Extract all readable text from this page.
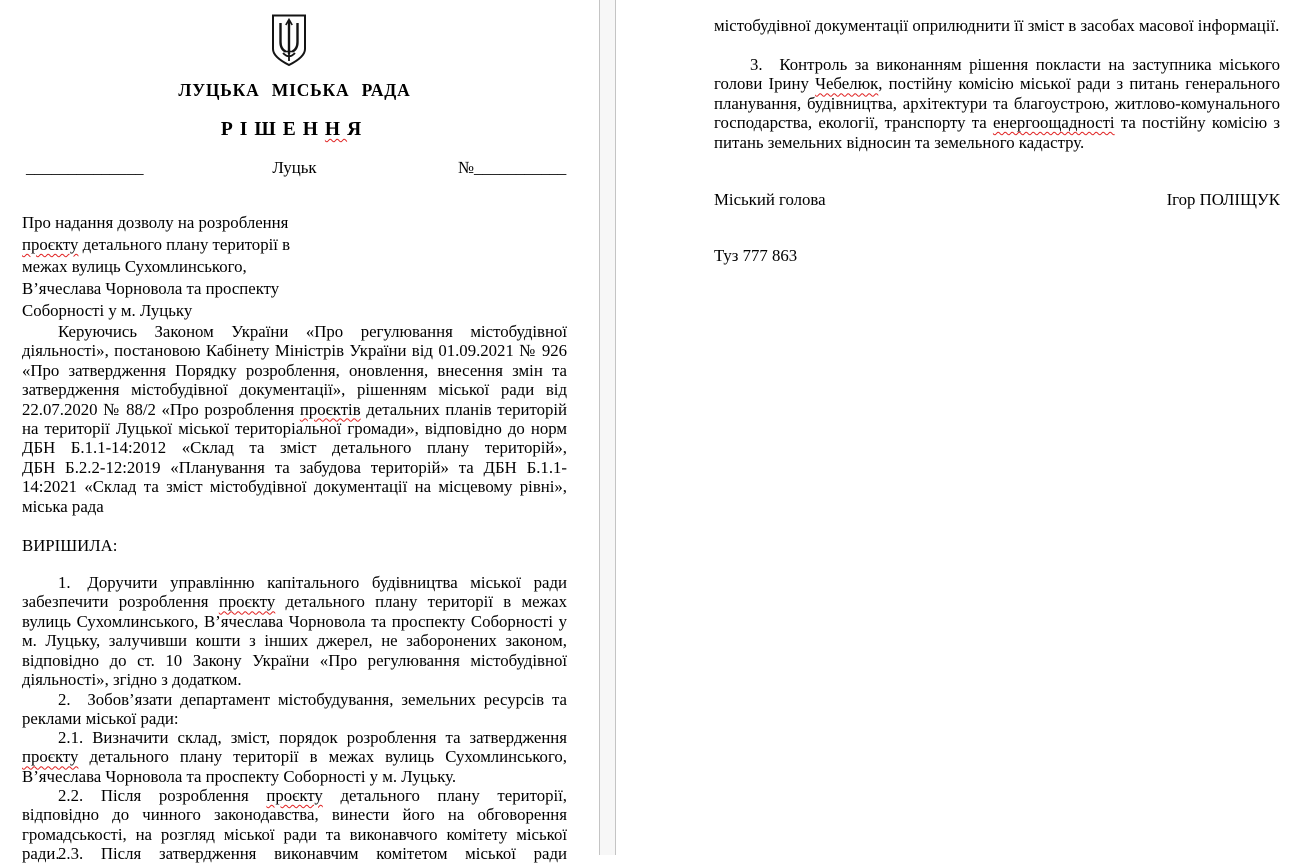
ЛУЦЬКА МІСЬКА РАДА
РІШЕННЯ
______________	Луцьк	№___________
Про надання дозволу на розроблення
проєкту детального плану території в
межах вулиць Сухомлинського,
В’ячеслава Чорновола та проспекту
Соборності у м. Луцьку

Керуючись Законом України «Про регулювання містобудівної діяльності», постановою Кабінету Міністрів України від 01.09.2021 № 926 «Про затвердження Порядку розроблення, оновлення, внесення змін та затвердження містобудівної документації», рішенням міської ради від 22.07.2020 № 88/2 «Про розроблення проєктів детальних планів територій на території Луцької міської територіальної громади», відповідно до норм ДБН Б.1.1-14:2012 «Склад та зміст детального плану територій», ДБН Б.2.2-12:2019 «Планування та забудова територій» та ДБН Б.1.1-14:2021 «Склад та зміст містобудівної документації на місцевому рівні», міська рада

ВИРІШИЛА:

1.  Доручити управлінню капітального будівництва міської ради забезпечити розроблення проєкту детального плану території в межах вулиць Сухомлинського, В’ячеслава Чорновола та проспекту Соборності у м. Луцьку, залучивши кошти з інших джерел, не заборонених законом, відповідно до ст. 10 Закону України «Про регулювання містобудівної діяльності», згідно з додатком.

2.  Зобов’язати департамент містобудування, земельних ресурсів та реклами міської ради:

2.1. Визначити склад, зміст, порядок розроблення та затвердження проєкту детального плану території в межах вулиць Сухомлинського, В’ячеслава Чорновола та проспекту Соборності у м. Луцьку.

2.2. Після розроблення проєкту детального плану території, відповідно до чинного законодавства, винести його на обговорення громадськості, на розгляд міської ради та виконавчого комітету міської ради.

2.3. Після затвердження виконавчим комітетом міської ради

містобудівної документації оприлюднити її зміст в засобах масової інформації.

3.  Контроль за виконанням рішення покласти на заступника міського голови Ірину Чебелюк, постійну комісію міської ради з питань генерального планування, будівництва, архітектури та благоустрою, житлово-комунального господарства, екології, транспорту та енергоощадності та постійну комісію з питань земельних відносин та земельного кадастру.

Міський голова	Ігор ПОЛІЩУК

Туз 777 863
